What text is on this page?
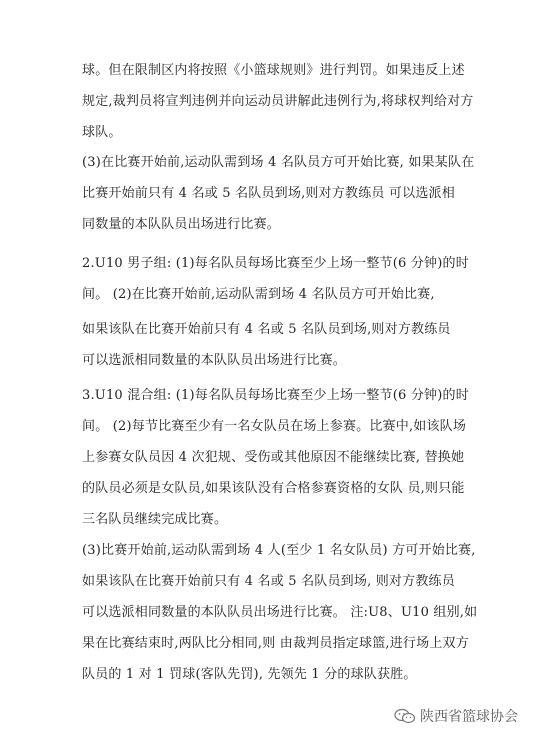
球。但在限制区内将按照《小篮球规则》进行判罚。如果违反上述
规定,裁判员将宣判违例并向运动员讲解此违例行为,将球权判给对方
球队。
(3)在比赛开始前,运动队需到场 4 名队员方可开始比赛, 如果某队在
比赛开始前只有 4 名或 5 名队员到场,则对方教练员 可以选派相
同数量的本队队员出场进行比赛。
2.U10 男子组: (1)每名队员每场比赛至少上场一整节(6 分钟)的时
间。 (2)在比赛开始前,运动队需到场 4 名队员方可开始比赛,
如果该队在比赛开始前只有 4 名或 5 名队员到场,则对方教练员
可以选派相同数量的本队队员出场进行比赛。
3.U10 混合组: (1)每名队员每场比赛至少上场一整节(6 分钟)的时
间。 (2)每节比赛至少有一名女队员在场上参赛。比赛中,如该队场
上参赛女队员因 4 次犯规、受伤或其他原因不能继续比赛, 替换她
的队员必须是女队员,如果该队没有合格参赛资格的女队 员,则只能
三名队员继续完成比赛。
(3)比赛开始前,运动队需到场 4 人(至少 1 名女队员) 方可开始比赛,
如果该队在比赛开始前只有 4 名或 5 名队员到场, 则对方教练员
可以选派相同数量的本队队员出场进行比赛。 注:U8、U10 组别,如
果在比赛结束时,两队比分相同,则 由裁判员指定球篮,进行场上双方
队员的 1 对 1 罚球(客队先罚), 先领先 1 分的球队获胜。
陕西省篮球协会
